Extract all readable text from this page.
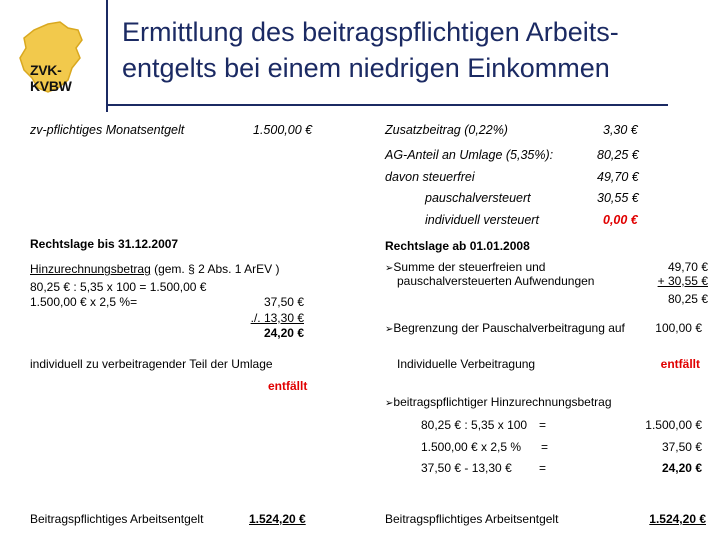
ZVK-KVBW
Ermittlung des beitragspflichtigen Arbeits-
entgelts bei einem niedrigen Einkommen
zv-pflichtiges Monatsentgelt	1.500,00 €	Zusatzbeitrag (0,22%)	3,30 €
AG-Anteil an Umlage (5,35%):	80,25 €
davon steuerfrei	49,70 €
pauschalversteuert	30,55 €
individuell versteuert	0,00 €
Rechtslage bis 31.12.2007
Hinzurechnungsbetrag (gem. § 2 Abs. 1 ArEV )
80,25 € : 5,35 x 100 = 1.500,00 €
1.500,00 € x 2,5 %=	37,50 €
./. 13,30 €
24,20 €
individuell zu verbeitragender Teil der Umlage
entfällt
Beitragspflichtiges Arbeitsentgelt	1.524,20 €
Rechtslage ab 01.01.2008
➢Summe der steuerfreien und
pauschalversteuerten Aufwendungen
49,70 €
+ 30,55 €
80,25 €
➢Begrenzung der Pauschalverbeitragung auf	100,00 €
Individuelle Verbeitragung	entfällt
➢beitragspflichtiger Hinzurechnungsbetrag
80,25 € : 5,35 x 100 =	1.500,00 €
1.500,00 € x 2,5 % =	37,50 €
37,50 € - 13,30 € =	24,20 €
Beitragspflichtiges Arbeitsentgelt	1.524,20 €
